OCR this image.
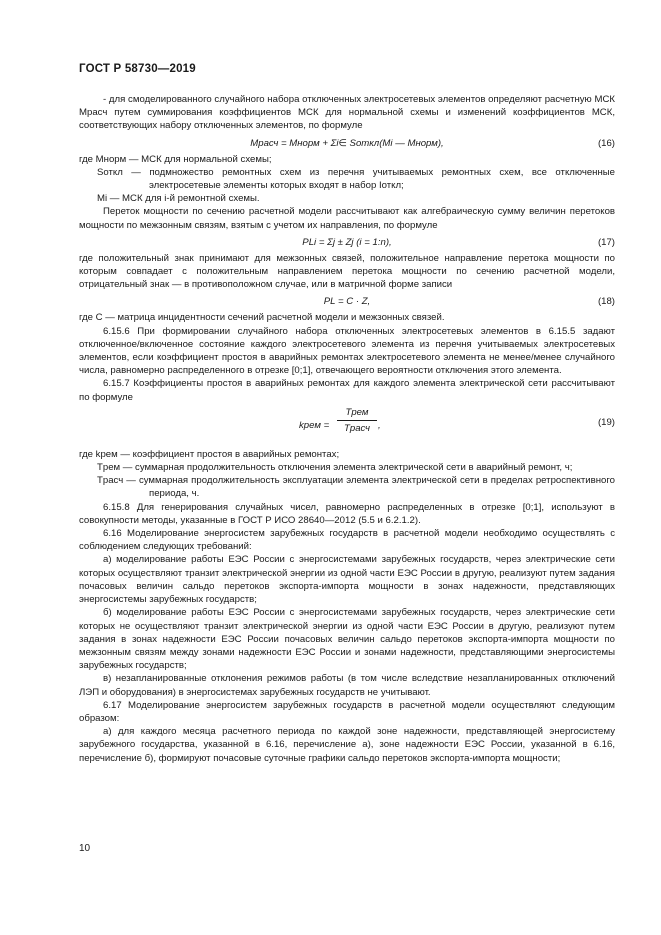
ГОСТ Р 58730—2019

- для смоделированного случайного набора отключенных электросетевых элементов определяют расчетную МСК Mрасч путем суммирования коэффициентов МСК для нормальной схемы и изменений коэффициентов МСК, соответствующих набору отключенных элементов, по формуле

Mрасч = Mнорм + Σi∈ Sоткл(Mi — Mнорм),	(16)

где Mнорм — МСК для нормальной схемы;

Sоткл — подмножество ремонтных схем из перечня учитываемых ремонтных схем, все отключенные электросетевые элементы которых входят в набор Iоткл;

Mi — МСК для i-й ремонтной схемы.

Переток мощности по сечению расчетной модели рассчитывают как алгебраическую сумму величин перетоков мощности по межзонным связям, взятым с учетом их направления, по формуле

PLi = Σj ± Zj (i = 1:n),	(17)

где положительный знак принимают для межзонных связей, положительное направление перетока мощности по которым совпадает с положительным направлением перетока мощности по сечению расчетной модели, отрицательный знак — в противоположном случае, или в матричной форме записи

PL = C · Z,	(18)

где C — матрица инцидентности сечений расчетной модели и межзонных связей.

6.15.6 При формировании случайного набора отключенных электросетевых элементов в 6.15.5 задают отключенное/включенное состояние каждого электросетевого элемента из перечня учитываемых электросетевых элементов, если коэффициент простоя в аварийных ремонтах электросетевого элемента не менее/менее случайного числа, равномерно распределенного в отрезке [0;1], отвечающего вероятности отключения этого элемента.

6.15.7 Коэффициенты простоя в аварийных ремонтах для каждого элемента электрической сети рассчитывают по формуле

kрем =
Tрем
Tрасч ,	(19)

где kрем — коэффициент простоя в аварийных ремонтах;

Tрем — суммарная продолжительность отключения элемента электрической сети в аварийный ремонт, ч;

Tрасч — суммарная продолжительность эксплуатации элемента электрической сети в пределах ретроспективного периода, ч.

6.15.8 Для генерирования случайных чисел, равномерно распределенных в отрезке [0;1], используют в совокупности методы, указанные в ГОСТ Р ИСО 28640—2012 (5.5 и 6.2.1.2).

6.16 Моделирование энергосистем зарубежных государств в расчетной модели необходимо осуществлять с соблюдением следующих требований:

а) моделирование работы ЕЭС России с энергосистемами зарубежных государств, через электрические сети которых осуществляют транзит электрической энергии из одной части ЕЭС России в другую, реализуют путем задания почасовых величин сальдо перетоков экспорта-импорта мощности в зонах надежности, представляющих энергосистемы зарубежных государств;

б) моделирование работы ЕЭС России с энергосистемами зарубежных государств, через электрические сети которых не осуществляют транзит электрической энергии из одной части ЕЭС России в другую, реализуют путем задания в зонах надежности ЕЭС России почасовых величин сальдо перетоков экспорта-импорта мощности по межзонным связям между зонами надежности ЕЭС России и зонами надежности, представляющими энергосистемы зарубежных государств;

в) незапланированные отклонения режимов работы (в том числе вследствие незапланированных отключений ЛЭП и оборудования) в энергосистемах зарубежных государств не учитывают.

6.17 Моделирование энергосистем зарубежных государств в расчетной модели осуществляют следующим образом:

а) для каждого месяца расчетного периода по каждой зоне надежности, представляющей энергосистему зарубежного государства, указанной в 6.16, перечисление а), зоне надежности ЕЭС России, указанной в 6.16, перечисление б), формируют почасовые суточные графики сальдо перетоков экспорта-импорта мощности;

10
